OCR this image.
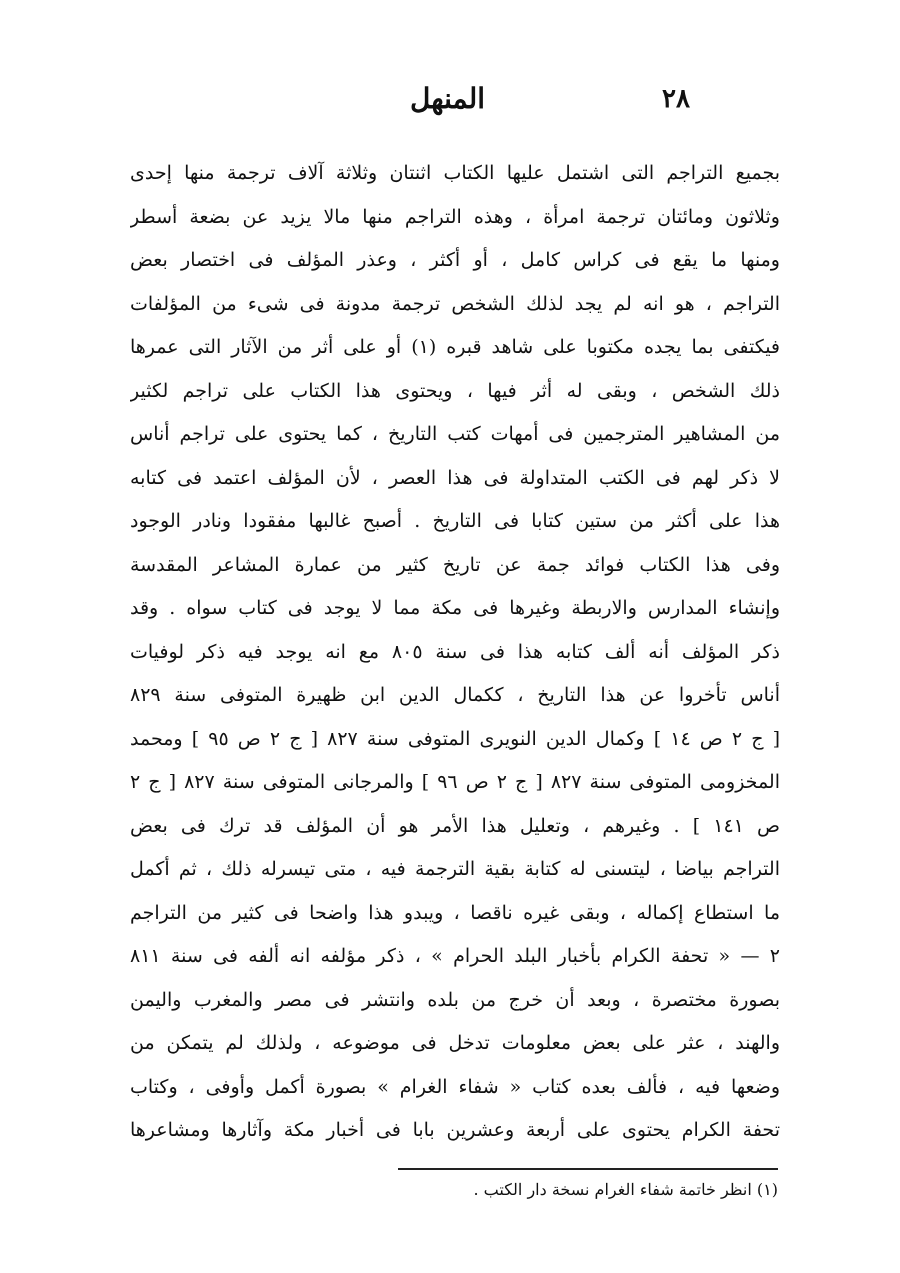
٢٨
المنهل
بجميع التراجم التى اشتمل عليها الكتاب اثنتان وثلاثة آلاف ترجمة منها إحدى
وثلاثون ومائتان ترجمة امرأة ، وهذه التراجم منها مالا يزيد عن بضعة أسطر
ومنها ما يقع فى كراس كامل ، أو أكثر ، وعذر المؤلف فى اختصار بعض
التراجم ، هو انه لم يجد لذلك الشخص ترجمة مدونة فى شىء من المؤلفات
فيكتفى بما يجده مكتوبا على شاهد قبره (١) أو على أثر من الآثار التى عمرها
ذلك الشخص ، وبقى له أثر فيها ، ويحتوى هذا الكتاب على تراجم لكثير
من المشاهير المترجمين فى أمهات كتب التاريخ ، كما يحتوى على تراجم أناس
لا ذكر لهم فى الكتب المتداولة فى هذا العصر ، لأن المؤلف اعتمد فى كتابه
هذا على أكثر من ستين كتابا فى التاريخ . أصبح غالبها مفقودا ونادر الوجود
وفى هذا الكتاب فوائد جمة عن تاريخ كثير من عمارة المشاعر المقدسة
وإنشاء المدارس والاربطة وغيرها فى مكة مما لا يوجد فى كتاب سواه . وقد
ذكر المؤلف أنه ألف كتابه هذا فى سنة ٨٠٥ مع انه يوجد فيه ذكر لوفيات
أناس تأخروا عن هذا التاريخ ، ككمال الدين ابن ظهيرة المتوفى سنة ٨٢٩
[ ج ٢ ص ١٤ ] وكمال الدين النويرى المتوفى سنة ٨٢٧ [ ج ٢ ص ٩٥ ] ومحمد
المخزومى المتوفى سنة ٨٢٧ [ ج ٢ ص ٩٦ ] والمرجانى المتوفى سنة ٨٢٧ [ ج ٢
ص ١٤١ ] . وغيرهم ، وتعليل هذا الأمر هو أن المؤلف قد ترك فى بعض
التراجم بياضا ، ليتسنى له كتابة بقية الترجمة فيه ، متى تيسرله ذلك ، ثم أكمل
ما استطاع إكماله ، وبقى غيره ناقصا ، ويبدو هذا واضحا فى كثير من التراجم
٢ — « تحفة الكرام بأخبار البلد الحرام » ، ذكر مؤلفه انه ألفه فى سنة ٨١١
بصورة مختصرة ، وبعد أن خرج من بلده وانتشر فى مصر والمغرب واليمن
والهند ، عثر على بعض معلومات تدخل فى موضوعه ، ولذلك لم يتمكن من
وضعها فيه ، فألف بعده كتاب « شفاء الغرام » بصورة أكمل وأوفى ، وكتاب
تحفة الكرام يحتوى على أربعة وعشرين بابا فى أخبار مكة وآثارها ومشاعرها
(١) انظر خاتمة شفاء الغرام نسخة دار الكتب .
